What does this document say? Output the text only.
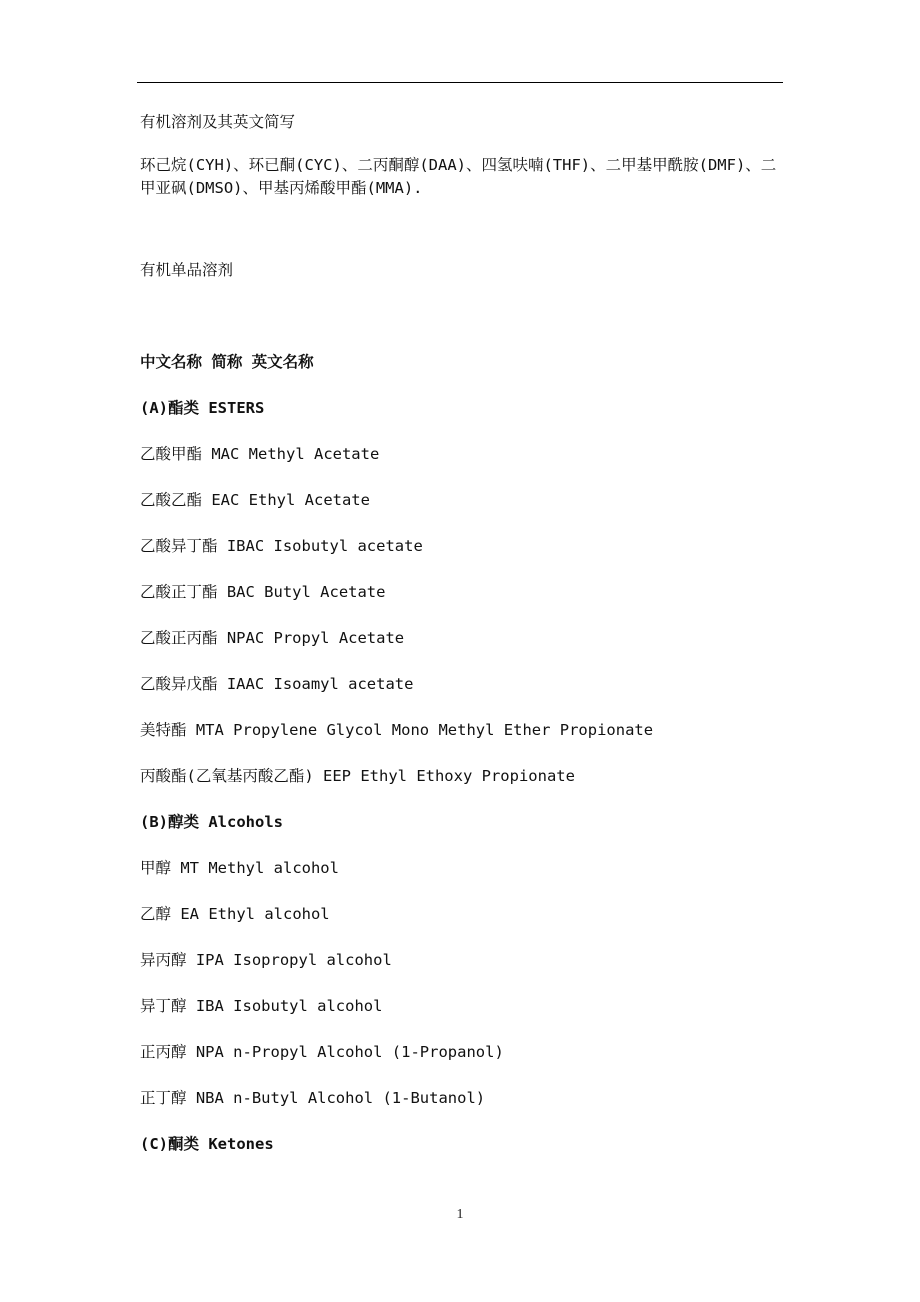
有机溶剂及其英文简写

环己烷(CYH)、环已酮(CYC)、二丙酮醇(DAA)、四氢呋喃(THF)、二甲基甲酰胺(DMF)、二甲亚砜(DMSO)、甲基丙烯酸甲酯(MMA).

有机单品溶剂

中文名称 简称 英文名称

(A)酯类 ESTERS

乙酸甲酯 MAC Methyl Acetate

乙酸乙酯 EAC Ethyl Acetate

乙酸异丁酯 IBAC Isobutyl acetate

乙酸正丁酯 BAC Butyl Acetate

乙酸正丙酯 NPAC Propyl Acetate

乙酸异戊酯 IAAC Isoamyl acetate

美特酯 MTA Propylene Glycol Mono Methyl Ether Propionate

丙酸酯(乙氧基丙酸乙酯) EEP Ethyl Ethoxy Propionate

(B)醇类 Alcohols

甲醇 MT Methyl alcohol

乙醇 EA Ethyl alcohol

异丙醇 IPA Isopropyl alcohol

异丁醇 IBA Isobutyl alcohol

正丙醇 NPA n-Propyl Alcohol (1-Propanol)

正丁醇 NBA n-Butyl Alcohol (1-Butanol)

(C)酮类 Ketones

1
